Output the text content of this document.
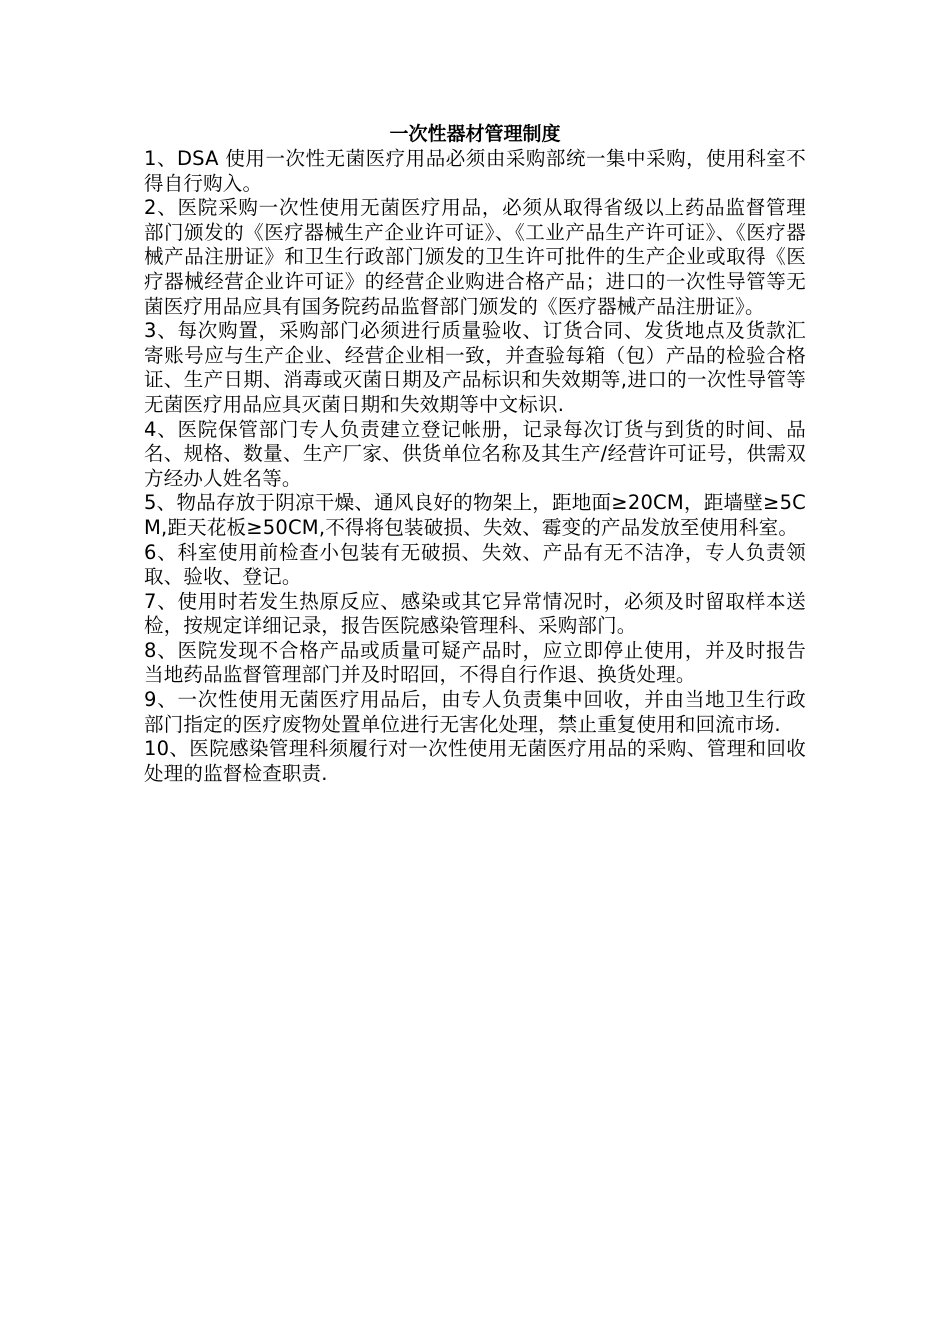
一次性器材管理制度

1、DSA 使用一次性无菌医疗用品必须由采购部统一集中采购，使用科室不得自行购入。

2、医院采购一次性使用无菌医疗用品，必须从取得省级以上药品监督管理部门颁发的《医疗器械生产企业许可证》、《工业产品生产许可证》、《医疗器械产品注册证》和卫生行政部门颁发的卫生许可批件的生产企业或取得《医疗器械经营企业许可证》的经营企业购进合格产品；进口的一次性导管等无菌医疗用品应具有国务院药品监督部门颁发的《医疗器械产品注册证》。

3、每次购置，采购部门必须进行质量验收、订货合同、发货地点及货款汇寄账号应与生产企业、经营企业相一致，并查验每箱（包）产品的检验合格证、生产日期、消毒或灭菌日期及产品标识和失效期等,进口的一次性导管等无菌医疗用品应具灭菌日期和失效期等中文标识.

4、医院保管部门专人负责建立登记帐册，记录每次订货与到货的时间、品名、规格、数量、生产厂家、供货单位名称及其生产/经营许可证号，供需双方经办人姓名等。

5、物品存放于阴凉干燥、通风良好的物架上，距地面≥20CM，距墙壁≥5CM,距天花板≥50CM,不得将包装破损、失效、霉变的产品发放至使用科室。

6、科室使用前检查小包装有无破损、失效、产品有无不洁净，专人负责领取、验收、登记。

7、使用时若发生热原反应、感染或其它异常情况时，必须及时留取样本送检，按规定详细记录，报告医院感染管理科、采购部门。

8、医院发现不合格产品或质量可疑产品时，应立即停止使用，并及时报告当地药品监督管理部门并及时昭回，不得自行作退、换货处理。

9、一次性使用无菌医疗用品后，由专人负责集中回收，并由当地卫生行政部门指定的医疗废物处置单位进行无害化处理，禁止重复使用和回流市场.

10、医院感染管理科须履行对一次性使用无菌医疗用品的采购、管理和回收处理的监督检查职责.
